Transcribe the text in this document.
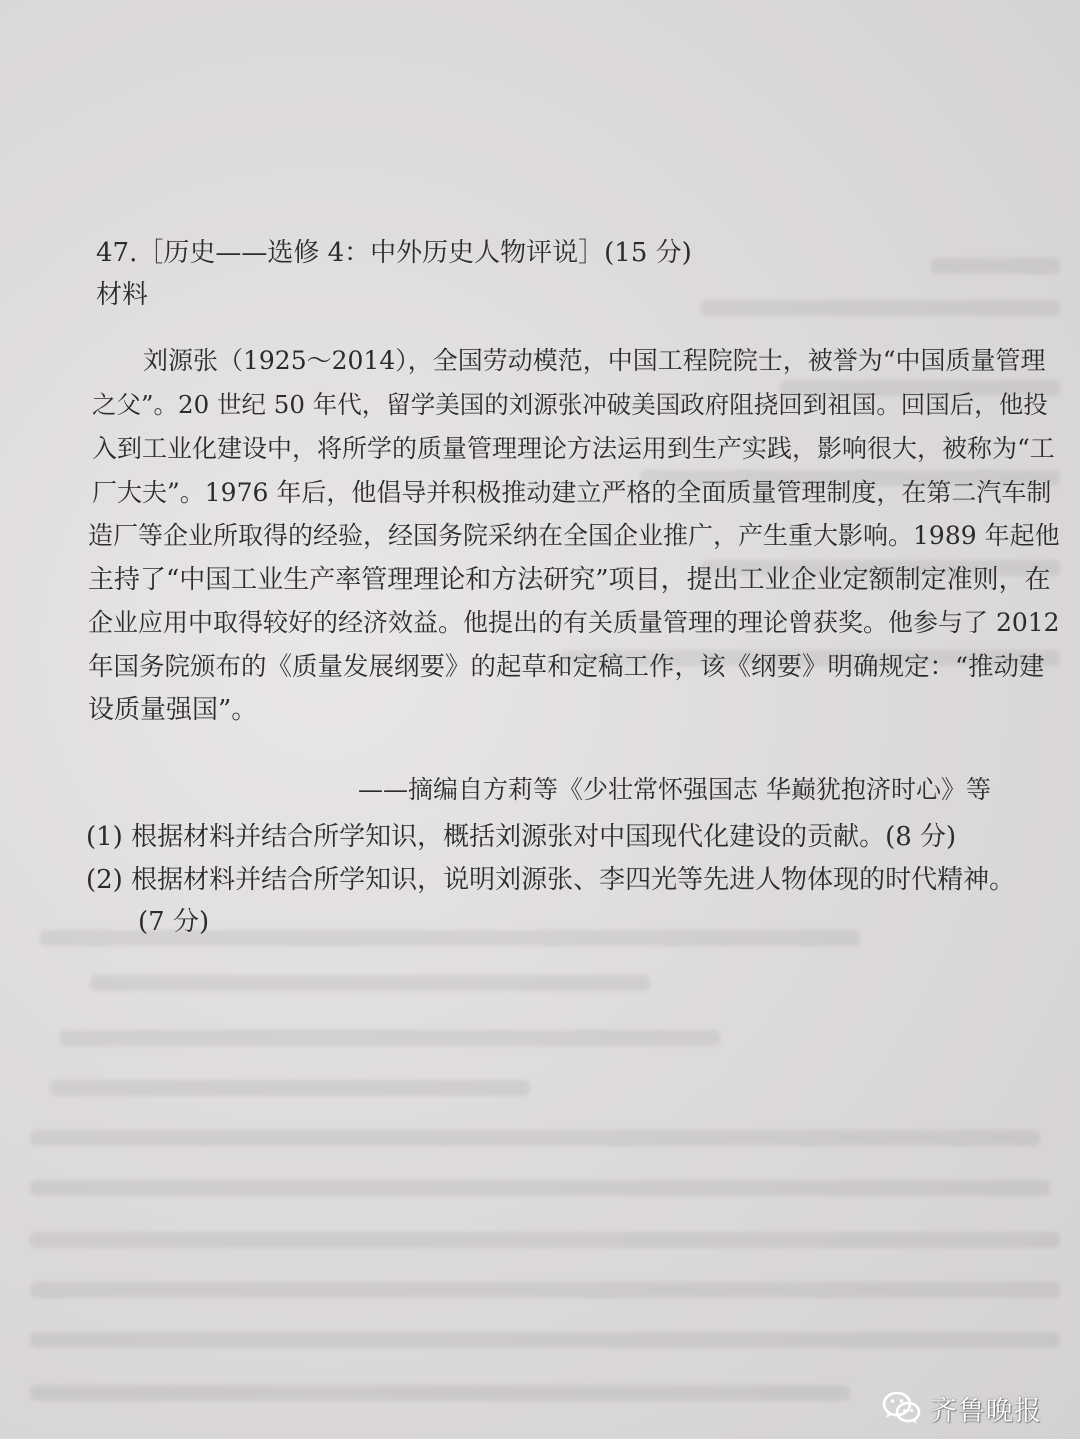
47.［历史——选修 4：中外历史人物评说］(15 分)
材料
刘源张（1925～2014），全国劳动模范，中国工程院院士，被誉为“中国质量管理
之父”。20 世纪 50 年代，留学美国的刘源张冲破美国政府阻挠回到祖国。回国后，他投
入到工业化建设中，将所学的质量管理理论方法运用到生产实践，影响很大，被称为“工
厂大夫”。1976 年后，他倡导并积极推动建立严格的全面质量管理制度，在第二汽车制
造厂等企业所取得的经验，经国务院采纳在全国企业推广，产生重大影响。1989 年起他
主持了“中国工业生产率管理理论和方法研究”项目，提出工业企业定额制定准则，在
企业应用中取得较好的经济效益。他提出的有关质量管理的理论曾获奖。他参与了 2012
年国务院颁布的《质量发展纲要》的起草和定稿工作，该《纲要》明确规定：“推动建
设质量强国”。
——摘编自方莉等《少壮常怀强国志 华巅犹抱济时心》等
(1) 根据材料并结合所学知识，概括刘源张对中国现代化建设的贡献。(8 分)
(2) 根据材料并结合所学知识，说明刘源张、李四光等先进人物体现的时代精神。
(7 分)
齐鲁晚报
